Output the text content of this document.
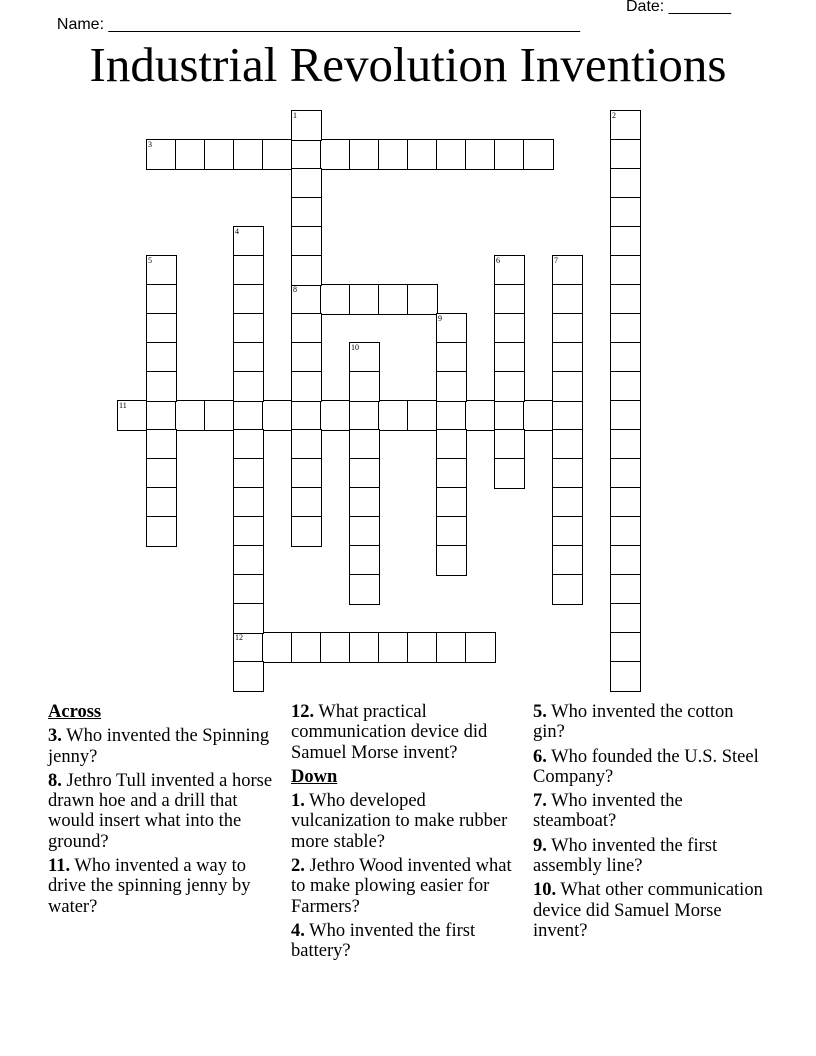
Name: _____________________________________________________

Date: _______

Industrial Revolution Inventions
3
8
11
12
1	2
4
5	6	7
9
10
Across
3. Who invented the Spinning jenny?
8. Jethro Tull invented a horse drawn hoe and a drill that would insert what into the ground?
11. Who invented a way to drive the spinning jenny by water?
12. What practical communication device did Samuel Morse invent?
Down
1. Who developed vulcanization to make rubber more stable?
2. Jethro Wood invented what to make plowing easier for Farmers?
4. Who invented the first battery?
5. Who invented the cotton gin?
6. Who founded the U.S. Steel Company?
7. Who invented the steamboat?
9. Who invented the first assembly line?
10. What other communication device did Samuel Morse invent?
